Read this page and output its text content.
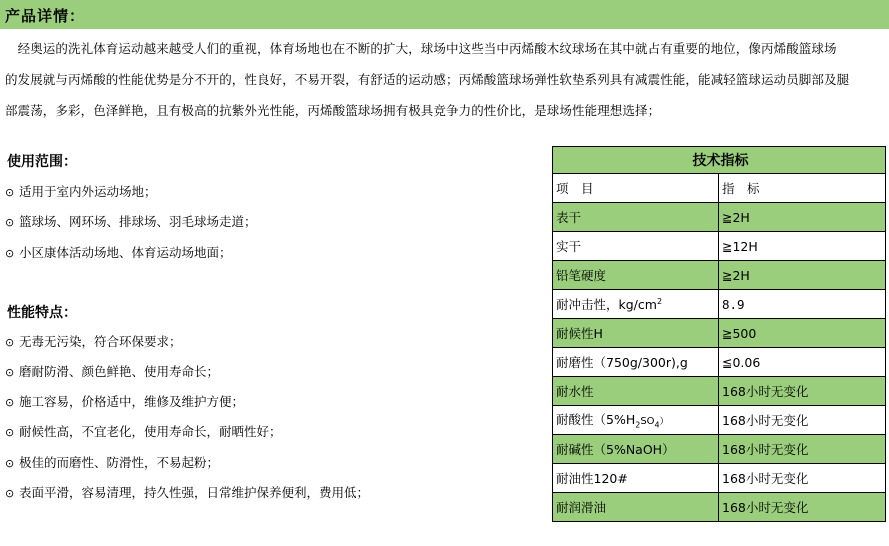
产品详情：
　经奥运的洗礼体育运动越来越受人们的重视，体育场地也在不断的扩大，球场中这些当中丙烯酸木纹球场在其中就占有重要的地位，像丙烯酸篮球场
的发展就与丙烯酸的性能优势是分不开的，性良好，不易开裂，有舒适的运动感；丙烯酸篮球场弹性软垫系列具有减震性能，能减轻篮球运动员脚部及腿
部震荡，多彩，色泽鲜艳，且有极高的抗紫外光性能，丙烯酸篮球场拥有极具竞争力的性价比，是球场性能理想选择；
使用范围：
⊙ 适用于室内外运动场地；
⊙ 篮球场、网环场、排球场、羽毛球场走道；
⊙ 小区康体活动场地、体育运动场地面；
性能特点：
⊙ 无毒无污染，符合环保要求；
⊙ 磨耐防滑、颜色鲜艳、使用寿命长；
⊙ 施工容易，价格适中，维修及维护方便；
⊙ 耐候性高，不宜老化，使用寿命长，耐晒性好；
⊙ 极佳的而磨性、防滑性，不易起粉；
⊙ 表面平滑，容易清理，持久性强，日常维护保养便利，费用低；
技术指标	
项　目	指　标
表干	≧2H
实干	≧12H
铅笔硬度	≧2H
耐冲击性，$kg/cm^2$	8.9
耐候性H	≧500
耐磨性（750g/300r),g	≦0.06
耐水性	168小时无变化
耐酸性$(5\%H_2SO_4)$	168小时无变化
耐碱性（5%NaOH）	168小时无变化
耐油性120#	168小时无变化
耐润滑油	168小时无变化
